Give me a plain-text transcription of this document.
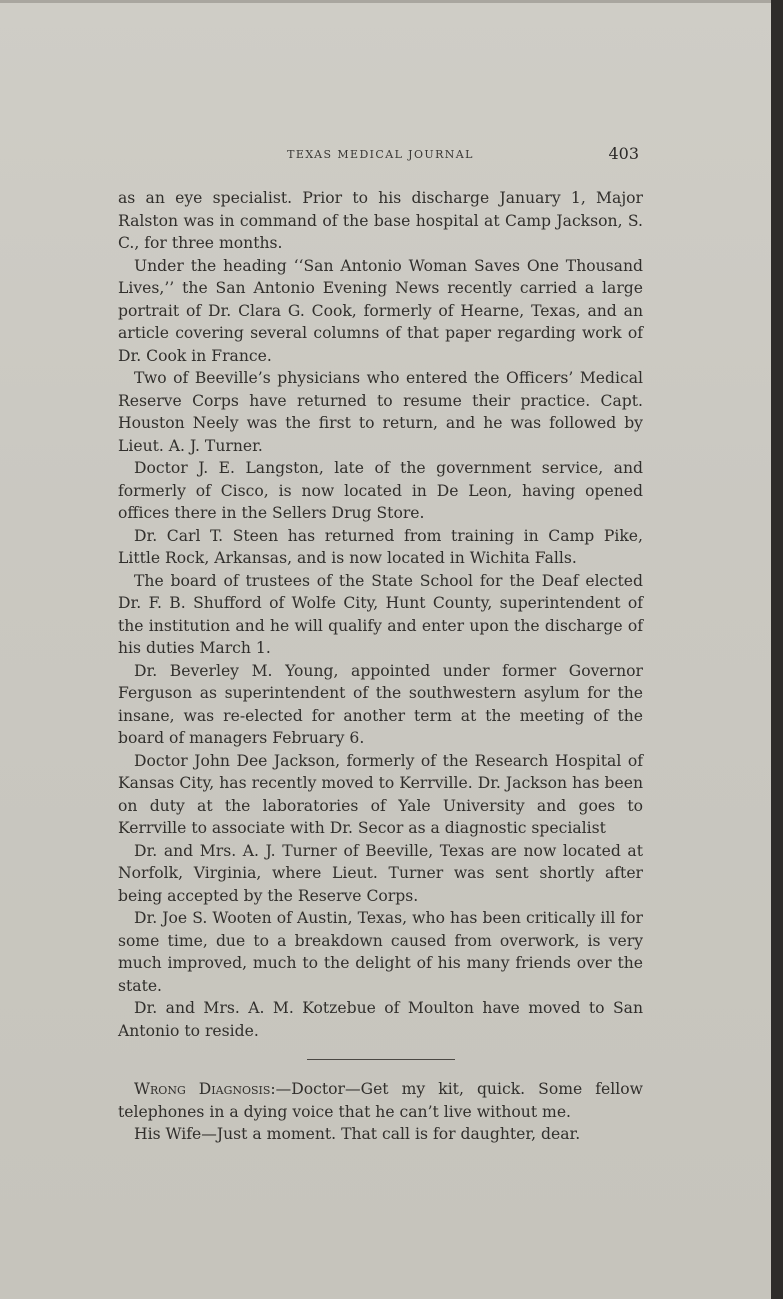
TEXAS MEDICAL JOURNAL	403

as an eye specialist. Prior to his discharge January 1, Major Ralston was in command of the base hospital at Camp Jackson, S. C., for three months.

Under the heading ‘‘San Antonio Woman Saves One Thousand Lives,’’ the San Antonio Evening News recently carried a large portrait of Dr. Clara G. Cook, formerly of Hearne, Texas, and an article covering several columns of that paper regarding work of Dr. Cook in France.

Two of Beeville’s physicians who entered the Officers’ Medical Reserve Corps have returned to resume their practice. Capt. Houston Neely was the first to return, and he was followed by Lieut. A. J. Turner.

Doctor J. E. Langston, late of the government service, and formerly of Cisco, is now located in De Leon, having opened offices there in the Sellers Drug Store.

Dr. Carl T. Steen has returned from training in Camp Pike, Little Rock, Arkansas, and is now located in Wichita Falls.

The board of trustees of the State School for the Deaf elected Dr. F. B. Shufford of Wolfe City, Hunt County, superintendent of the institution and he will qualify and enter upon the discharge of his duties March 1.

Dr. Beverley M. Young, appointed under former Governor Ferguson as superintendent of the southwestern asylum for the insane, was re-elected for another term at the meeting of the board of managers February 6.

Doctor John Dee Jackson, formerly of the Research Hospital of Kansas City, has recently moved to Kerrville. Dr. Jackson has been on duty at the laboratories of Yale University and goes to Kerrville to associate with Dr. Secor as a diagnostic specialist

Dr. and Mrs. A. J. Turner of Beeville, Texas are now located at Norfolk, Virginia, where Lieut. Turner was sent shortly after being accepted by the Reserve Corps.

Dr. Joe S. Wooten of Austin, Texas, who has been critically ill for some time, due to a breakdown caused from overwork, is very much improved, much to the delight of his many friends over the state.

Dr. and Mrs. A. M. Kotzebue of Moulton have moved to San Antonio to reside.

Wrong Diagnosis:—Doctor—Get my kit, quick. Some fellow telephones in a dying voice that he can’t live without me.

His Wife—Just a moment. That call is for daughter, dear.
